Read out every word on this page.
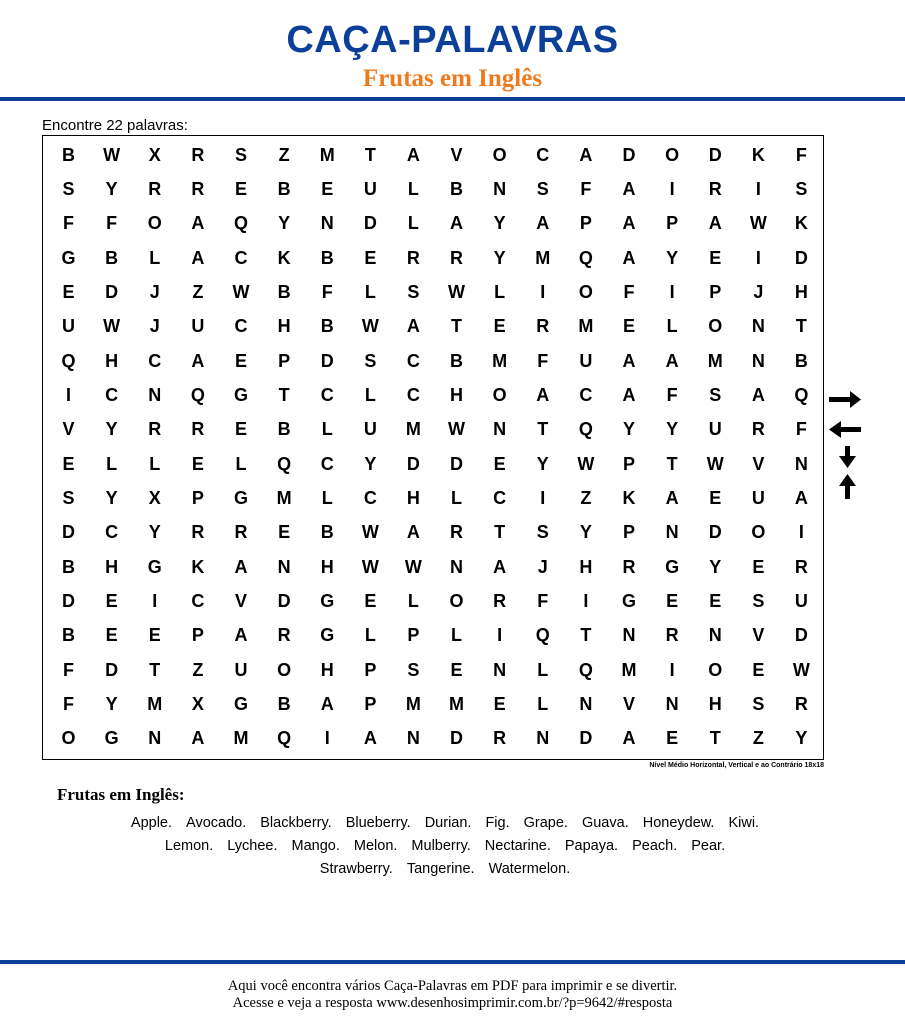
CAÇA-PALAVRAS
Frutas em Inglês
Encontre 22 palavras:
B	W	X	R	S	Z	M	T	A	V	O	C	A	D	O	D	K	F
S	Y	R	R	E	B	E	U	L	B	N	S	F	A	I	R	I	S
F	F	O	A	Q	Y	N	D	L	A	Y	A	P	A	P	A	W	K
G	B	L	A	C	K	B	E	R	R	Y	M	Q	A	Y	E	I	D
E	D	J	Z	W	B	F	L	S	W	L	I	O	F	I	P	J	H
U	W	J	U	C	H	B	W	A	T	E	R	M	E	L	O	N	T
Q	H	C	A	E	P	D	S	C	B	M	F	U	A	A	M	N	B
I	C	N	Q	G	T	C	L	C	H	O	A	C	A	F	S	A	Q
V	Y	R	R	E	B	L	U	M	W	N	T	Q	Y	Y	U	R	F
E	L	L	E	L	Q	C	Y	D	D	E	Y	W	P	T	W	V	N
S	Y	X	P	G	M	L	C	H	L	C	I	Z	K	A	E	U	A
D	C	Y	R	R	E	B	W	A	R	T	S	Y	P	N	D	O	I
B	H	G	K	A	N	H	W	W	N	A	J	H	R	G	Y	E	R
D	E	I	C	V	D	G	E	L	O	R	F	I	G	E	E	S	U
B	E	E	P	A	R	G	L	P	L	I	Q	T	N	R	N	V	D
F	D	T	Z	U	O	H	P	S	E	N	L	Q	M	I	O	E	W
F	Y	M	X	G	B	A	P	M	M	E	L	N	V	N	H	S	R
O	G	N	A	M	Q	I	A	N	D	R	N	D	A	E	T	Z	Y
Nível Médio Horizontal, Vertical e ao Contrário 18x18
Frutas em Inglês:
Apple. Avocado. Blackberry. Blueberry. Durian. Fig. Grape. Guava. Honeydew. Kiwi.
Lemon. Lychee. Mango. Melon. Mulberry. Nectarine. Papaya. Peach. Pear.
Strawberry. Tangerine. Watermelon.
Aqui você encontra vários Caça-Palavras em PDF para imprimir e se divertir.
Acesse e veja a resposta www.desenhosimprimir.com.br/?p=9642/#resposta
